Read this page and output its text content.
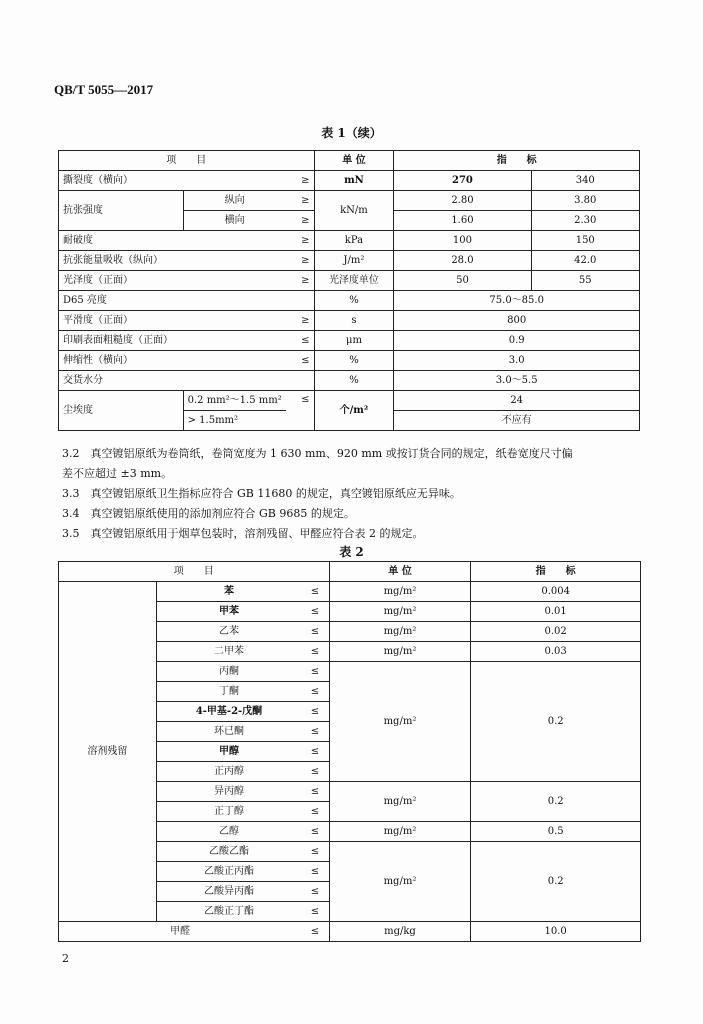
QB/T 5055—2017
表 1（续）
项　　目			单 位	指　　标	
撕裂度（横向）		≥	mN	270	340
抗张强度	纵向	≥	kN/m	2.80	3.80
	横向	≥		1.60	2.30
耐破度		≥	kPa	100	150
抗张能量吸收（纵向）		≥	J/m²	28.0	42.0
光泽度（正面）		≥	光泽度单位	50	55
D65 亮度			%	75.0～85.0	
平滑度（正面）		≥	s	800	
印刷表面粗糙度（正面）		≤	μm	0.9	
伸缩性（横向）		≤	%	3.0	
交货水分			%	3.0～5.5	
尘埃度	0.2 mm²～1.5 mm²	≤	个/m²	24	
	> 1.5mm²			不应有	
3.2　真空镀铝原纸为卷筒纸，卷筒宽度为 1 630 mm、920 mm 或按订货合同的规定，纸卷宽度尺寸偏
差不应超过 ±3 mm。
3.3　真空镀铝原纸卫生指标应符合 GB 11680 的规定，真空镀铝原纸应无异味。
3.4　真空镀铝原纸使用的添加剂应符合 GB 9685 的规定。
3.5　真空镀铝原纸用于烟草包装时，溶剂残留、甲醛应符合表 2 的规定。
表 2
项　　目			单 位	指　　标
溶剂残留	苯	≤	mg/m²	0.004
	甲苯	≤	mg/m²	0.01
	乙苯	≤	mg/m²	0.02
	二甲苯	≤	mg/m²	0.03
	丙酮	≤	mg/m²	0.2
	丁酮	≤		
	4-甲基-2-戊酮	≤		
	环已酮	≤		
	甲醇	≤		
	正丙醇	≤		
	异丙醇	≤	mg/m²	0.2
	正丁醇	≤		
	乙醇	≤	mg/m²	0.5
	乙酸乙酯	≤	mg/m²	0.2
	乙酸正丙酯	≤		
	乙酸异丙酯	≤		
	乙酸正丁酯	≤		
甲醛		≤	mg/kg	10.0
2
